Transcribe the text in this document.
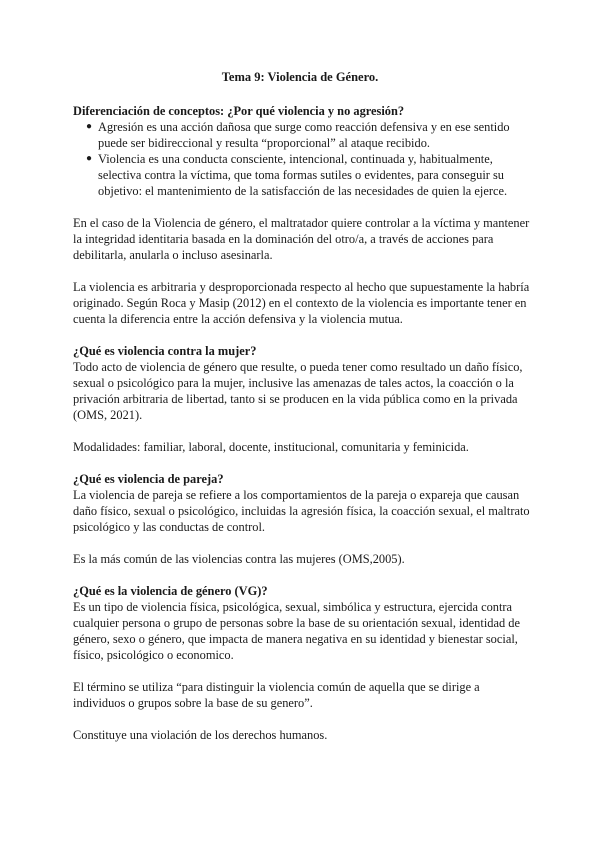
Tema 9: Violencia de Género.

Diferenciación de conceptos: ¿Por qué violencia y no agresión?

● Agresión es una acción dañosa que surge como reacción defensiva y en ese sentido puede ser bidireccional y resulta “proporcional” al ataque recibido.
● Violencia es una conducta consciente, intencional, continuada y, habitualmente, selectiva contra la víctima, que toma formas sutiles o evidentes, para conseguir su objetivo: el mantenimiento de la satisfacción de las necesidades de quien la ejerce.

En el caso de la Violencia de género, el maltratador quiere controlar a la víctima y mantener la integridad identitaria basada en la dominación del otro/a, a través de acciones para debilitarla, anularla o incluso asesinarla.

La violencia es arbitraria y desproporcionada respecto al hecho que supuestamente la habría originado. Según Roca y Masip (2012) en el contexto de la violencia es importante tener en cuenta la diferencia entre la acción defensiva y la violencia mutua.

¿Qué es violencia contra la mujer?

Todo acto de violencia de género que resulte, o pueda tener como resultado un daño físico, sexual o psicológico para la mujer, inclusive las amenazas de tales actos, la coacción o la privación arbitraria de libertad, tanto si se producen en la vida pública como en la privada (OMS, 2021).

Modalidades: familiar, laboral, docente, institucional, comunitaria y feminicida.

¿Qué es violencia de pareja?

La violencia de pareja se refiere a los comportamientos de la pareja o expareja que causan daño físico, sexual o psicológico, incluidas la agresión física, la coacción sexual, el maltrato psicológico y las conductas de control.

Es la más común de las violencias contra las mujeres (OMS,2005).

¿Qué es la violencia de género (VG)?

Es un tipo de violencia física, psicológica, sexual, simbólica y estructura, ejercida contra cualquier persona o grupo de personas sobre la base de su orientación sexual, identidad de género, sexo o género, que impacta de manera negativa en su identidad y bienestar social, físico, psicológico o economico.

El término se utiliza “para distinguir la violencia común de aquella que se dirige a individuos o grupos sobre la base de su genero”.

Constituye una violación de los derechos humanos.
